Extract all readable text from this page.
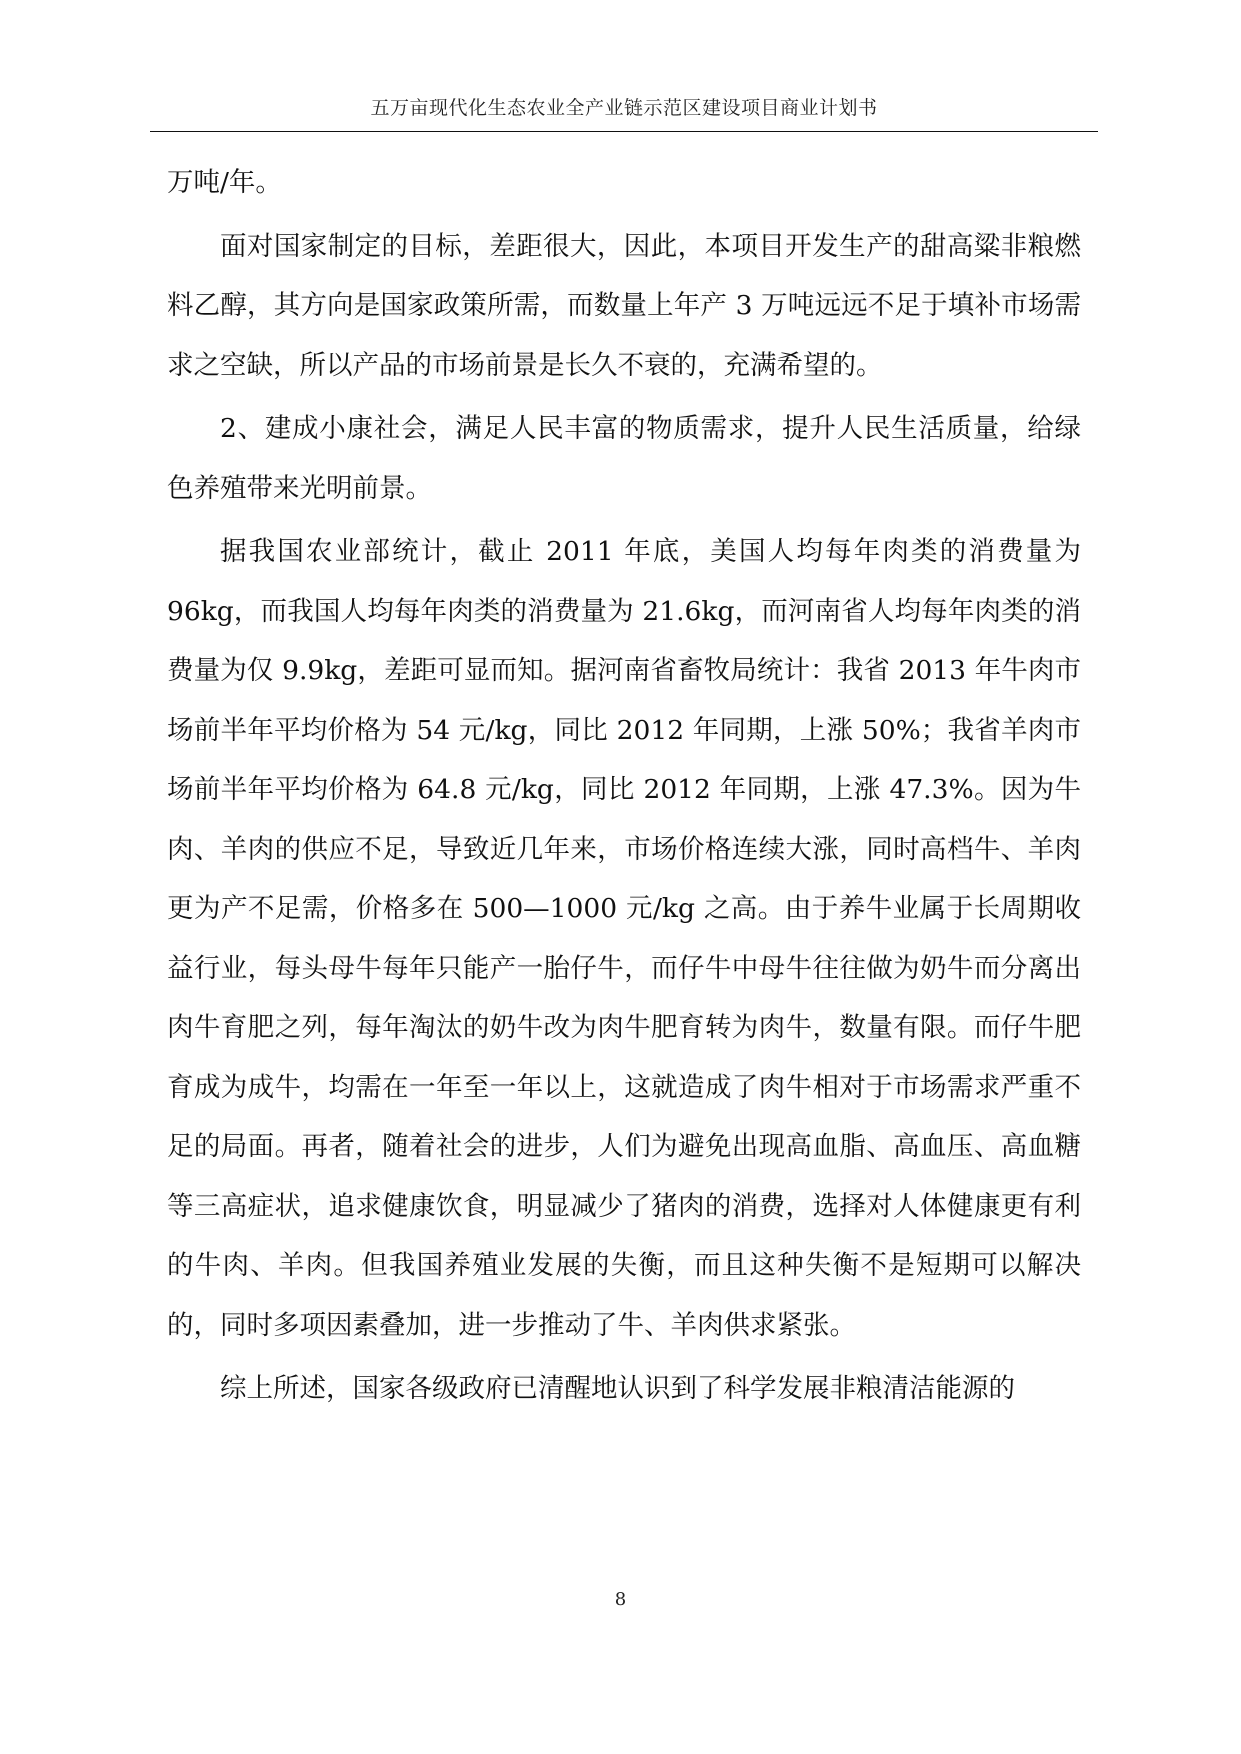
五万亩现代化生态农业全产业链示范区建设项目商业计划书

万吨/年。

面对国家制定的目标，差距很大，因此，本项目开发生产的甜高粱非粮燃料乙醇，其方向是国家政策所需，而数量上年产 3 万吨远远不足于填补市场需求之空缺，所以产品的市场前景是长久不衰的，充满希望的。

2、建成小康社会，满足人民丰富的物质需求，提升人民生活质量，给绿色养殖带来光明前景。

据我国农业部统计，截止 2011 年底，美国人均每年肉类的消费量为 96kg，而我国人均每年肉类的消费量为 21.6kg，而河南省人均每年肉类的消费量为仅 9.9kg，差距可显而知。据河南省畜牧局统计：我省 2013 年牛肉市场前半年平均价格为 54 元/kg，同比 2012 年同期，上涨 50%；我省羊肉市场前半年平均价格为 64.8 元/kg，同比 2012 年同期，上涨 47.3%。因为牛肉、羊肉的供应不足，导致近几年来，市场价格连续大涨，同时高档牛、羊肉更为产不足需，价格多在 500—1000 元/kg 之高。由于养牛业属于长周期收益行业，每头母牛每年只能产一胎仔牛，而仔牛中母牛往往做为奶牛而分离出肉牛育肥之列，每年淘汰的奶牛改为肉牛肥育转为肉牛，数量有限。而仔牛肥育成为成牛，均需在一年至一年以上，这就造成了肉牛相对于市场需求严重不足的局面。再者，随着社会的进步，人们为避免出现高血脂、高血压、高血糖等三高症状，追求健康饮食，明显减少了猪肉的消费，选择对人体健康更有利的牛肉、羊肉。但我国养殖业发展的失衡，而且这种失衡不是短期可以解决的，同时多项因素叠加，进一步推动了牛、羊肉供求紧张。

综上所述，国家各级政府已清醒地认识到了科学发展非粮清洁能源的

8
